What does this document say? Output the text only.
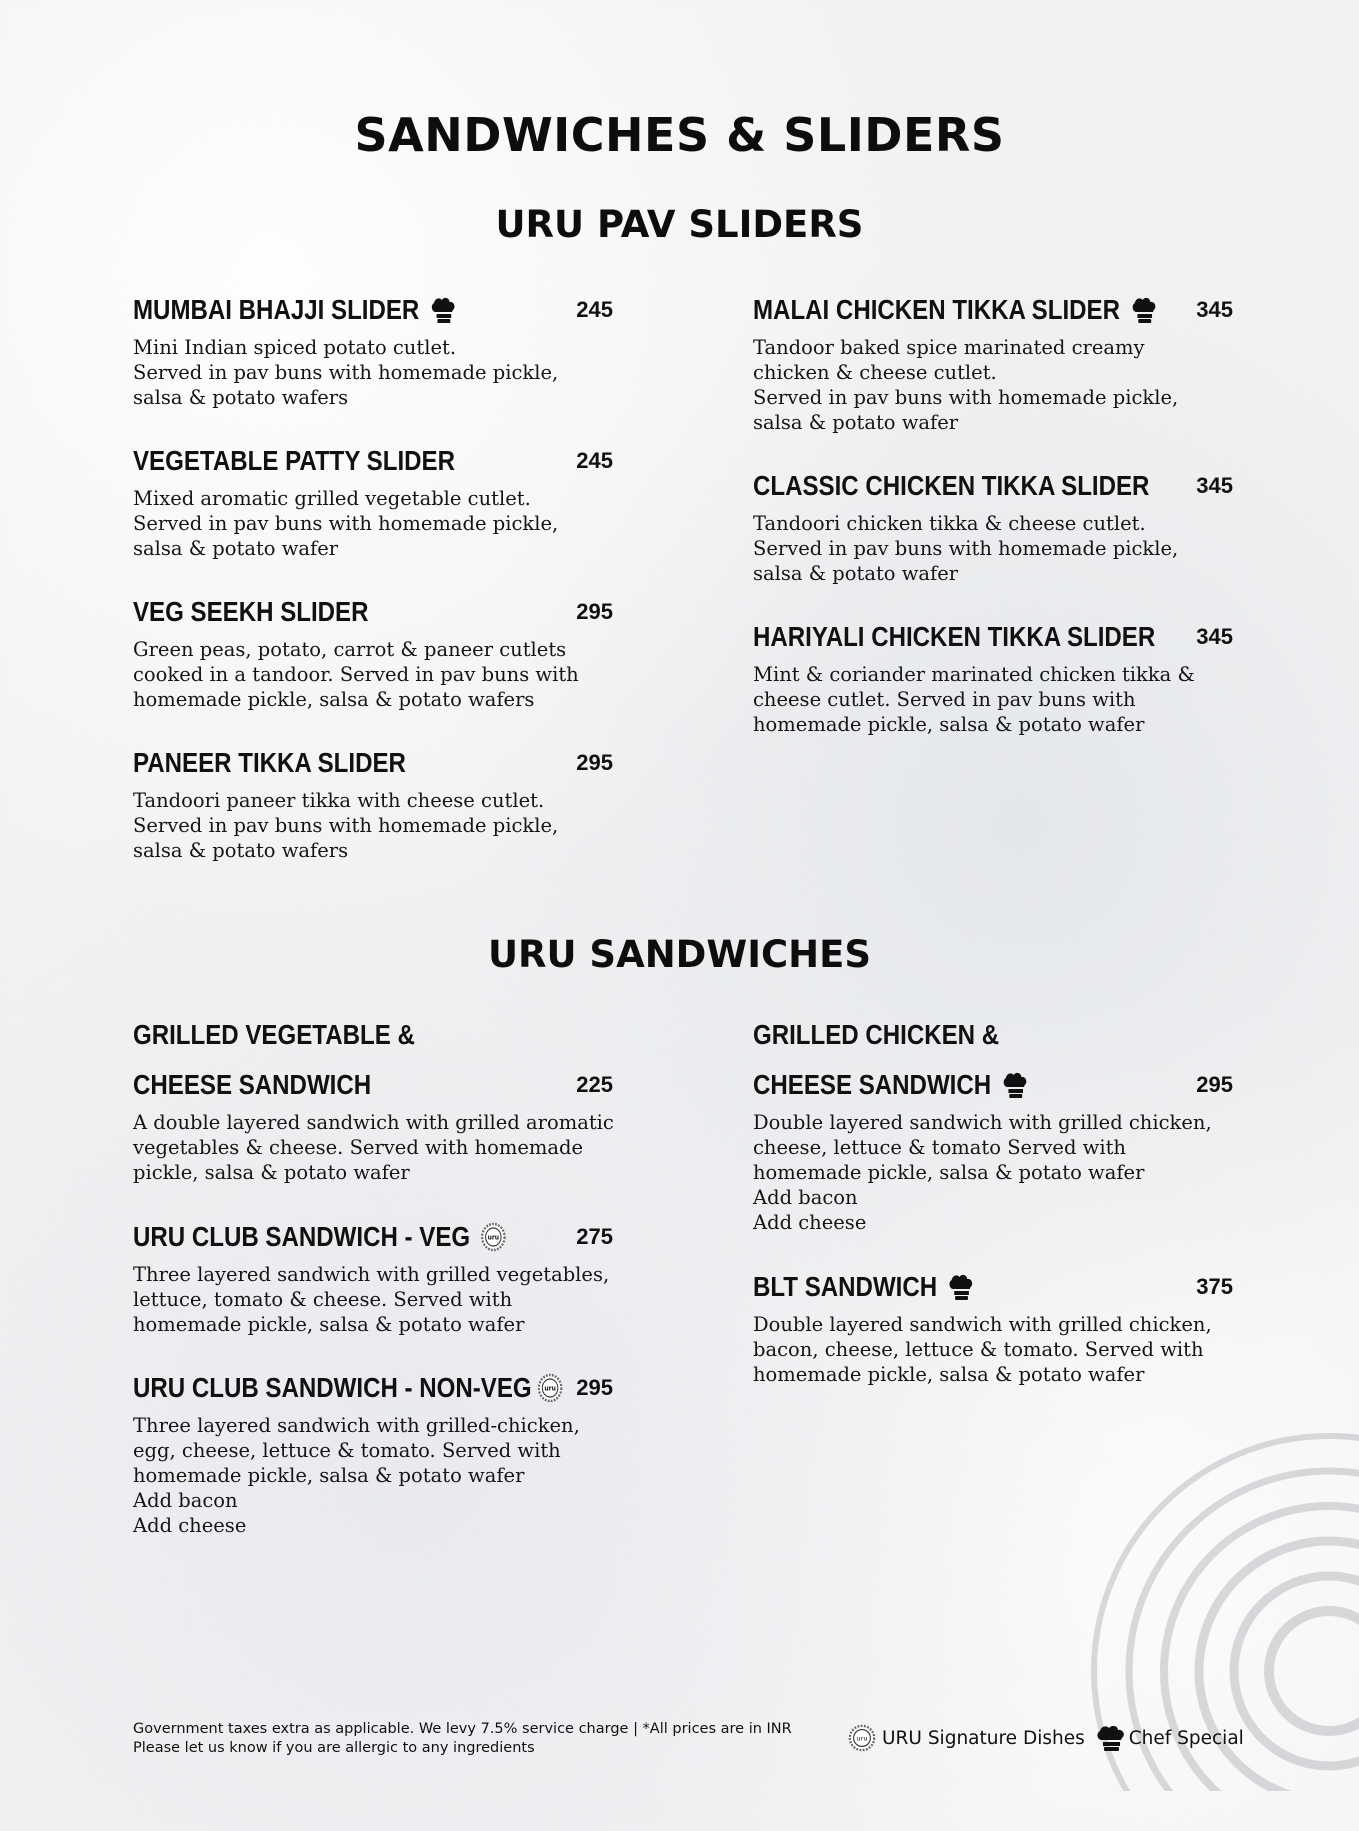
SANDWICHES & SLIDERS
URU PAV SLIDERS
MUMBAI BHAJJI SLIDER	245
Mini Indian spiced potato cutlet.
Served in pav buns with homemade pickle,
salsa & potato wafers
VEGETABLE PATTY SLIDER	245
Mixed aromatic grilled vegetable cutlet.
Served in pav buns with homemade pickle,
salsa & potato wafer
VEG SEEKH SLIDER	295
Green peas, potato, carrot & paneer cutlets
cooked in a tandoor. Served in pav buns with
homemade pickle, salsa & potato wafers
PANEER TIKKA SLIDER	295
Tandoori paneer tikka with cheese cutlet.
Served in pav buns with homemade pickle,
salsa & potato wafers
MALAI CHICKEN TIKKA SLIDER	345
Tandoor baked spice marinated creamy
chicken & cheese cutlet.
Served in pav buns with homemade pickle,
salsa & potato wafer
CLASSIC CHICKEN TIKKA SLIDER 345
Tandoori chicken tikka & cheese cutlet.
Served in pav buns with homemade pickle,
salsa & potato wafer
HARIYALI CHICKEN TIKKA SLIDER 345
Mint & coriander marinated chicken tikka &
cheese cutlet. Served in pav buns with
homemade pickle, salsa & potato wafer
URU SANDWICHES
GRILLED VEGETABLE &
CHEESE SANDWICH	225
A double layered sandwich with grilled aromatic
vegetables & cheese. Served with homemade
pickle, salsa & potato wafer
URU CLUB SANDWICH - VEG uru	275
Three layered sandwich with grilled vegetables,
lettuce, tomato & cheese. Served with
homemade pickle, salsa & potato wafer
URU CLUB SANDWICH - NON-VEG uru 295
Three layered sandwich with grilled-chicken,
egg, cheese, lettuce & tomato. Served with
homemade pickle, salsa & potato wafer
Add bacon
Add cheese
GRILLED CHICKEN &
CHEESE SANDWICH	295
Double layered sandwich with grilled chicken,
cheese, lettuce & tomato Served with
homemade pickle, salsa & potato wafer
Add bacon
Add cheese
BLT SANDWICH	375
Double layered sandwich with grilled chicken,
bacon, cheese, lettuce & tomato. Served with
homemade pickle, salsa & potato wafer
Government taxes extra as applicable. We levy 7.5% service charge | *All prices are in INR
Please let us know if you are allergic to any ingredients
uru URU Signature Dishes Chef Special
